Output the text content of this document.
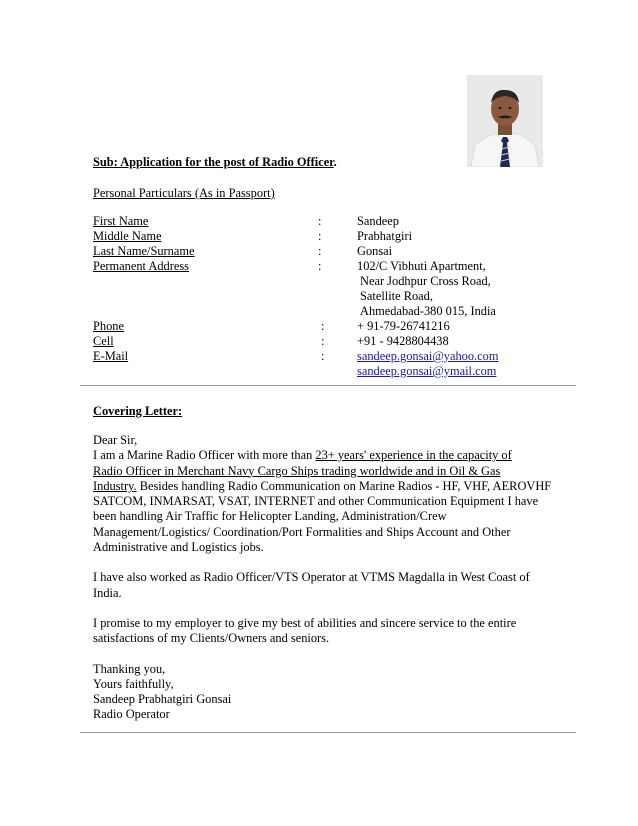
Sub: Application for the post of Radio Officer.
Personal Particulars (As in Passport)
First Name	:	Sandeep
Middle Name	:	Prabhatgiri
Last Name/Surname	:	Gonsai
Permanent Address	:	102/C Vibhuti Apartment,
Near Jodhpur Cross Road,
Satellite Road,
Ahmedabad-380 015, India
Phone	:	+ 91-79-26741216
Cell	:	+91 - 9428804438
E-Mail	:	sandeep.gonsai@yahoo.com
sandeep.gonsai@ymail.com
Covering Letter:

Dear Sir,

I am a Marine Radio Officer with more than 23+ years' experience in the capacity of
Radio Officer in Merchant Navy Cargo Ships trading worldwide and in Oil & Gas
Industry. Besides handling Radio Communication on Marine Radios - HF, VHF, AEROVHF SATCOM, INMARSAT, VSAT, INTERNET and other Communication Equipment I have been handling Air Traffic for Helicopter Landing, Administration/Crew Management/Logistics/ Coordination/Port Formalities and Ships Account and Other Administrative and Logistics jobs.

I have also worked as Radio Officer/VTS Operator at VTMS Magdalla in West Coast of India.

I promise to my employer to give my best of abilities and sincere service to the entire satisfactions of my Clients/Owners and seniors.

Thanking you,

Yours faithfully,

Sandeep Prabhatgiri Gonsai

Radio Operator
